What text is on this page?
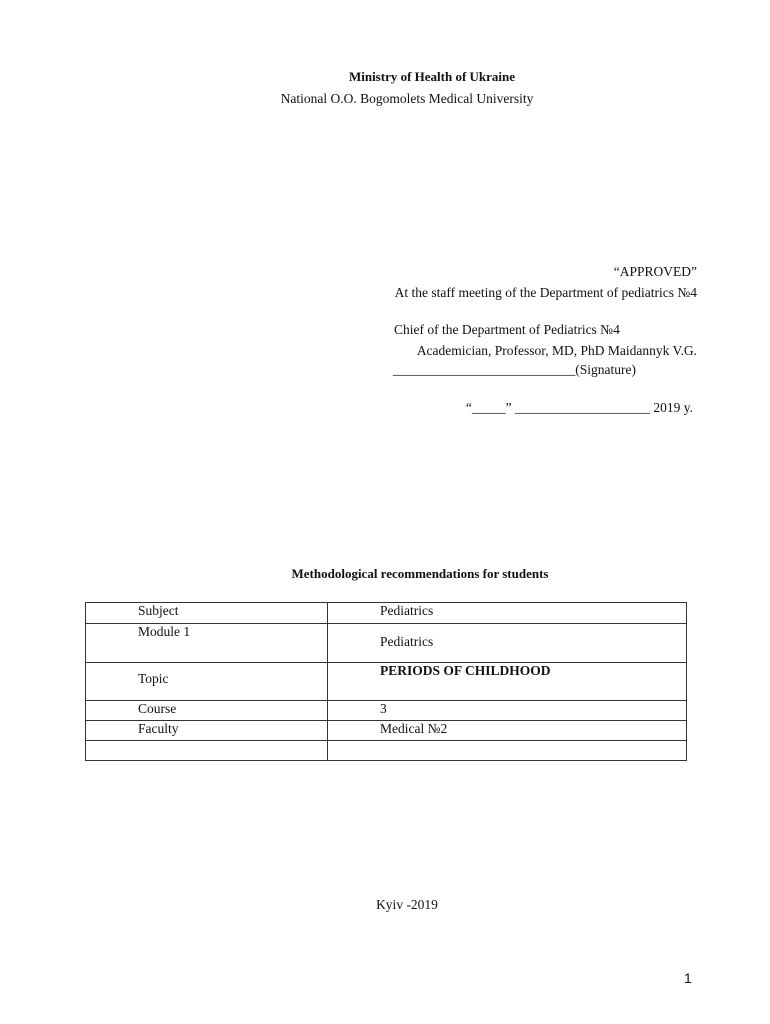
Ministry of Health of Ukraine
National O.O. Bogomolets Medical University
“APPROVED”
At the staff meeting of the Department of pediatrics №4
Chief of the Department of Pediatrics №4
Academician, Professor, MD, PhD Maidannyk V.G.
___________________________(Signature)
“_____” ____________________ 2019 y.
Methodological recommendations for students
Subject	Pediatrics
Module 1	Pediatrics

Topic	PERIODS OF CHILDHOOD
Course	3
Faculty	Medical №2

Kyiv -2019
1
